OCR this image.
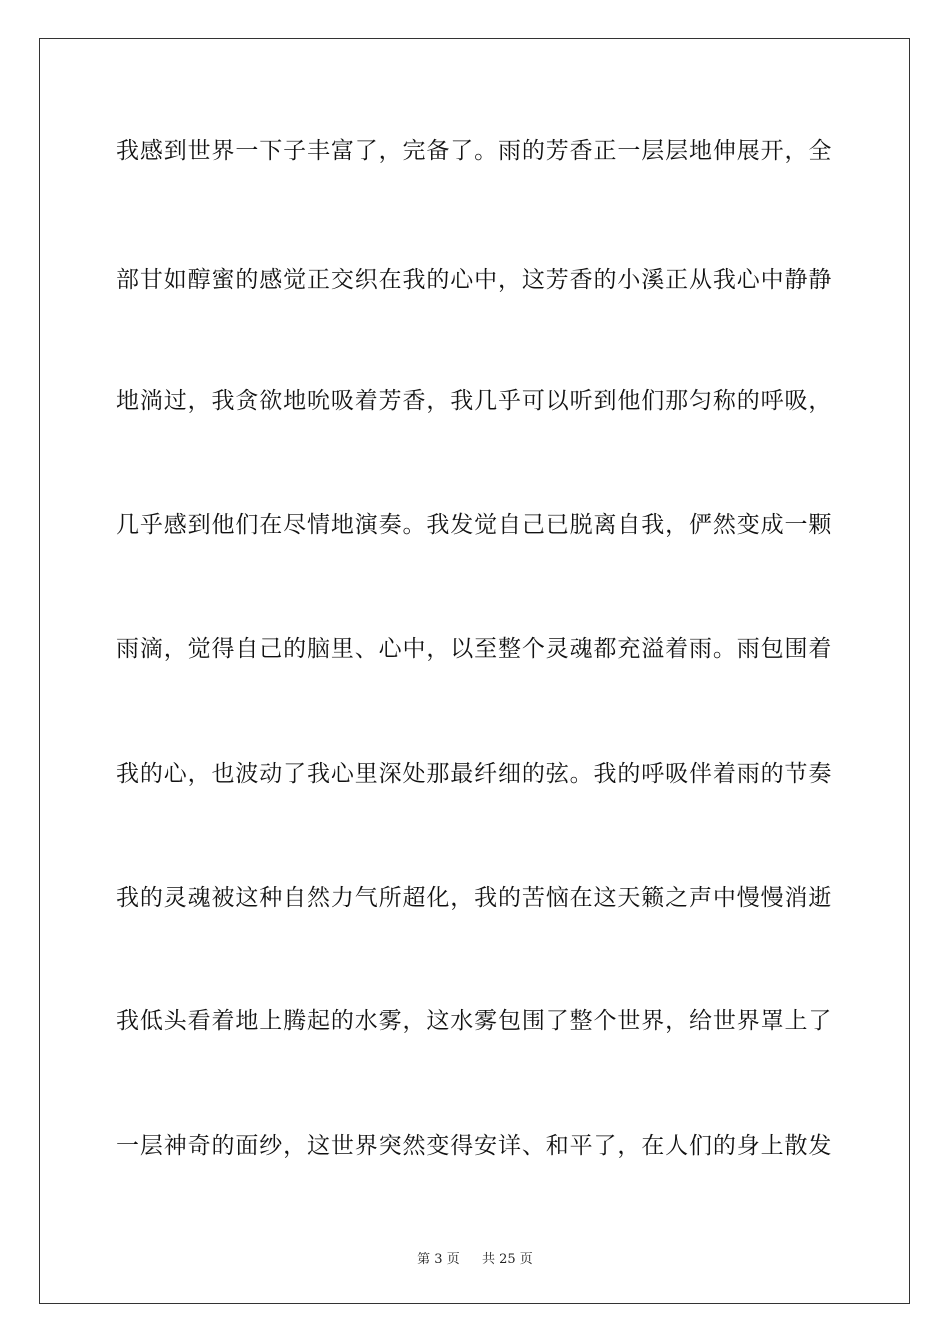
我感到世界一下子丰富了，完备了。雨的芳香正一层层地伸展开，全
部甘如醇蜜的感觉正交织在我的心中，这芳香的小溪正从我心中静静
地淌过，我贪欲地吮吸着芳香，我几乎可以听到他们那匀称的呼吸，
几乎感到他们在尽情地演奏。我发觉自己已脱离自我，俨然变成一颗
雨滴，觉得自己的脑里、心中，以至整个灵魂都充溢着雨。雨包围着
我的心，也波动了我心里深处那最纤细的弦。我的呼吸伴着雨的节奏
我的灵魂被这种自然力气所超化，我的苦恼在这天籁之声中慢慢消逝
我低头看着地上腾起的水雾，这水雾包围了整个世界，给世界罩上了
一层神奇的面纱，这世界突然变得安详、和平了，在人们的身上散发
第 3 页 共 25 页
